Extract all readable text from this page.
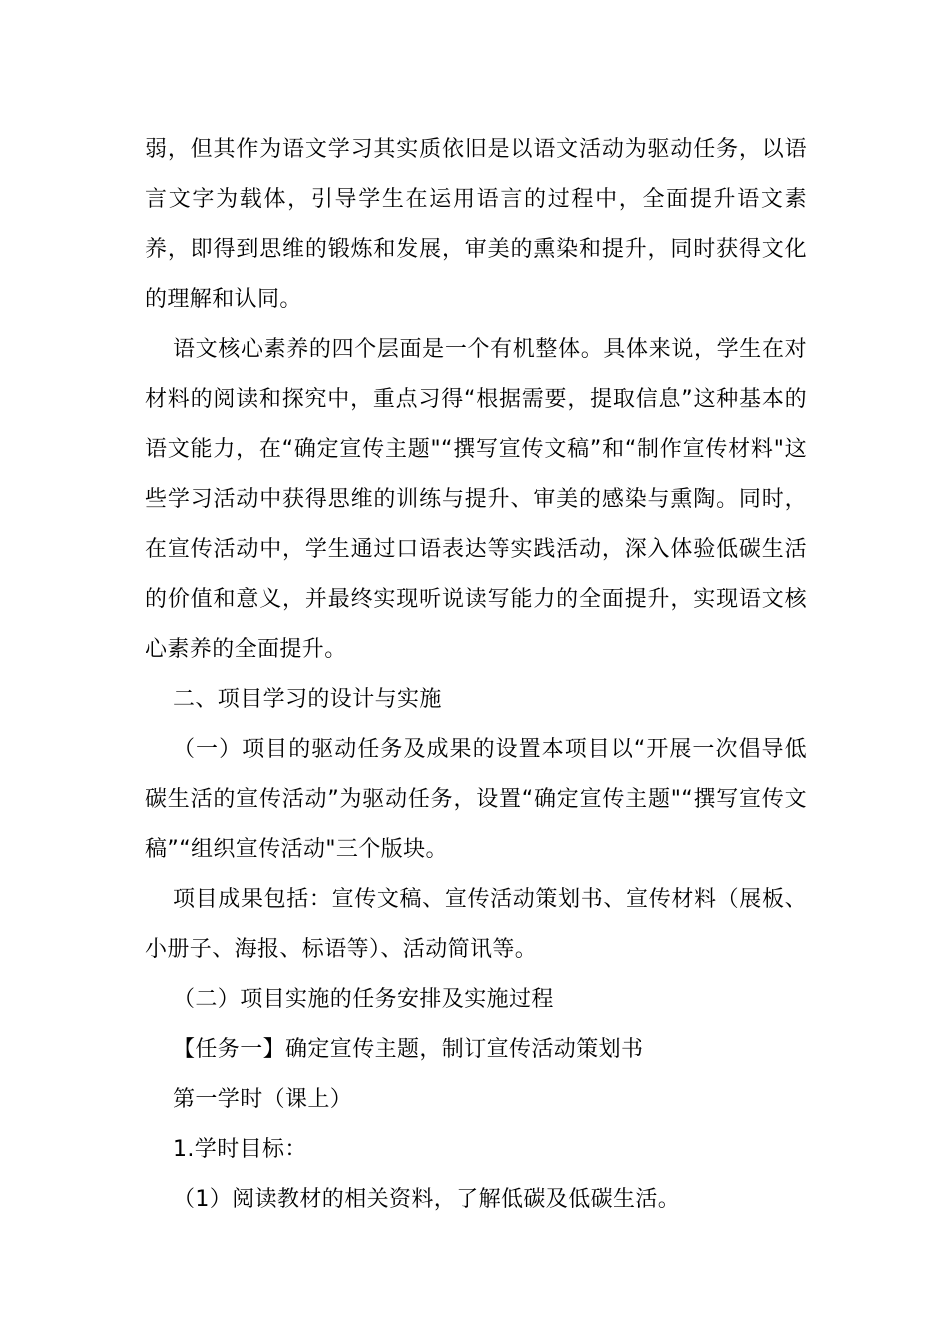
弱，但其作为语文学习其实质依旧是以语文活动为驱动任务，以语言文字为载体，引导学生在运用语言的过程中，全面提升语文素养，即得到思维的锻炼和发展，审美的熏染和提升，同时获得文化的理解和认同。

语文核心素养的四个层面是一个有机整体。具体来说，学生在对材料的阅读和探究中，重点习得“根据需要，提取信息”这种基本的语文能力，在“确定宣传主题"“撰写宣传文稿”和“制作宣传材料"这些学习活动中获得思维的训练与提升、审美的感染与熏陶。同时，在宣传活动中，学生通过口语表达等实践活动，深入体验低碳生活的价值和意义，并最终实现听说读写能力的全面提升，实现语文核心素养的全面提升。

二、项目学习的设计与实施

（一）项目的驱动任务及成果的设置本项目以“开展一次倡导低碳生活的宣传活动”为驱动任务，设置“确定宣传主题"“撰写宣传文稿”“组织宣传活动"三个版块。

项目成果包括：宣传文稿、宣传活动策划书、宣传材料（展板、小册子、海报、标语等）、活动简讯等。

（二）项目实施的任务安排及实施过程

【任务一】确定宣传主题，制订宣传活动策划书

第一学时（课上）

1.学时目标：

（1）阅读教材的相关资料，了解低碳及低碳生活。
